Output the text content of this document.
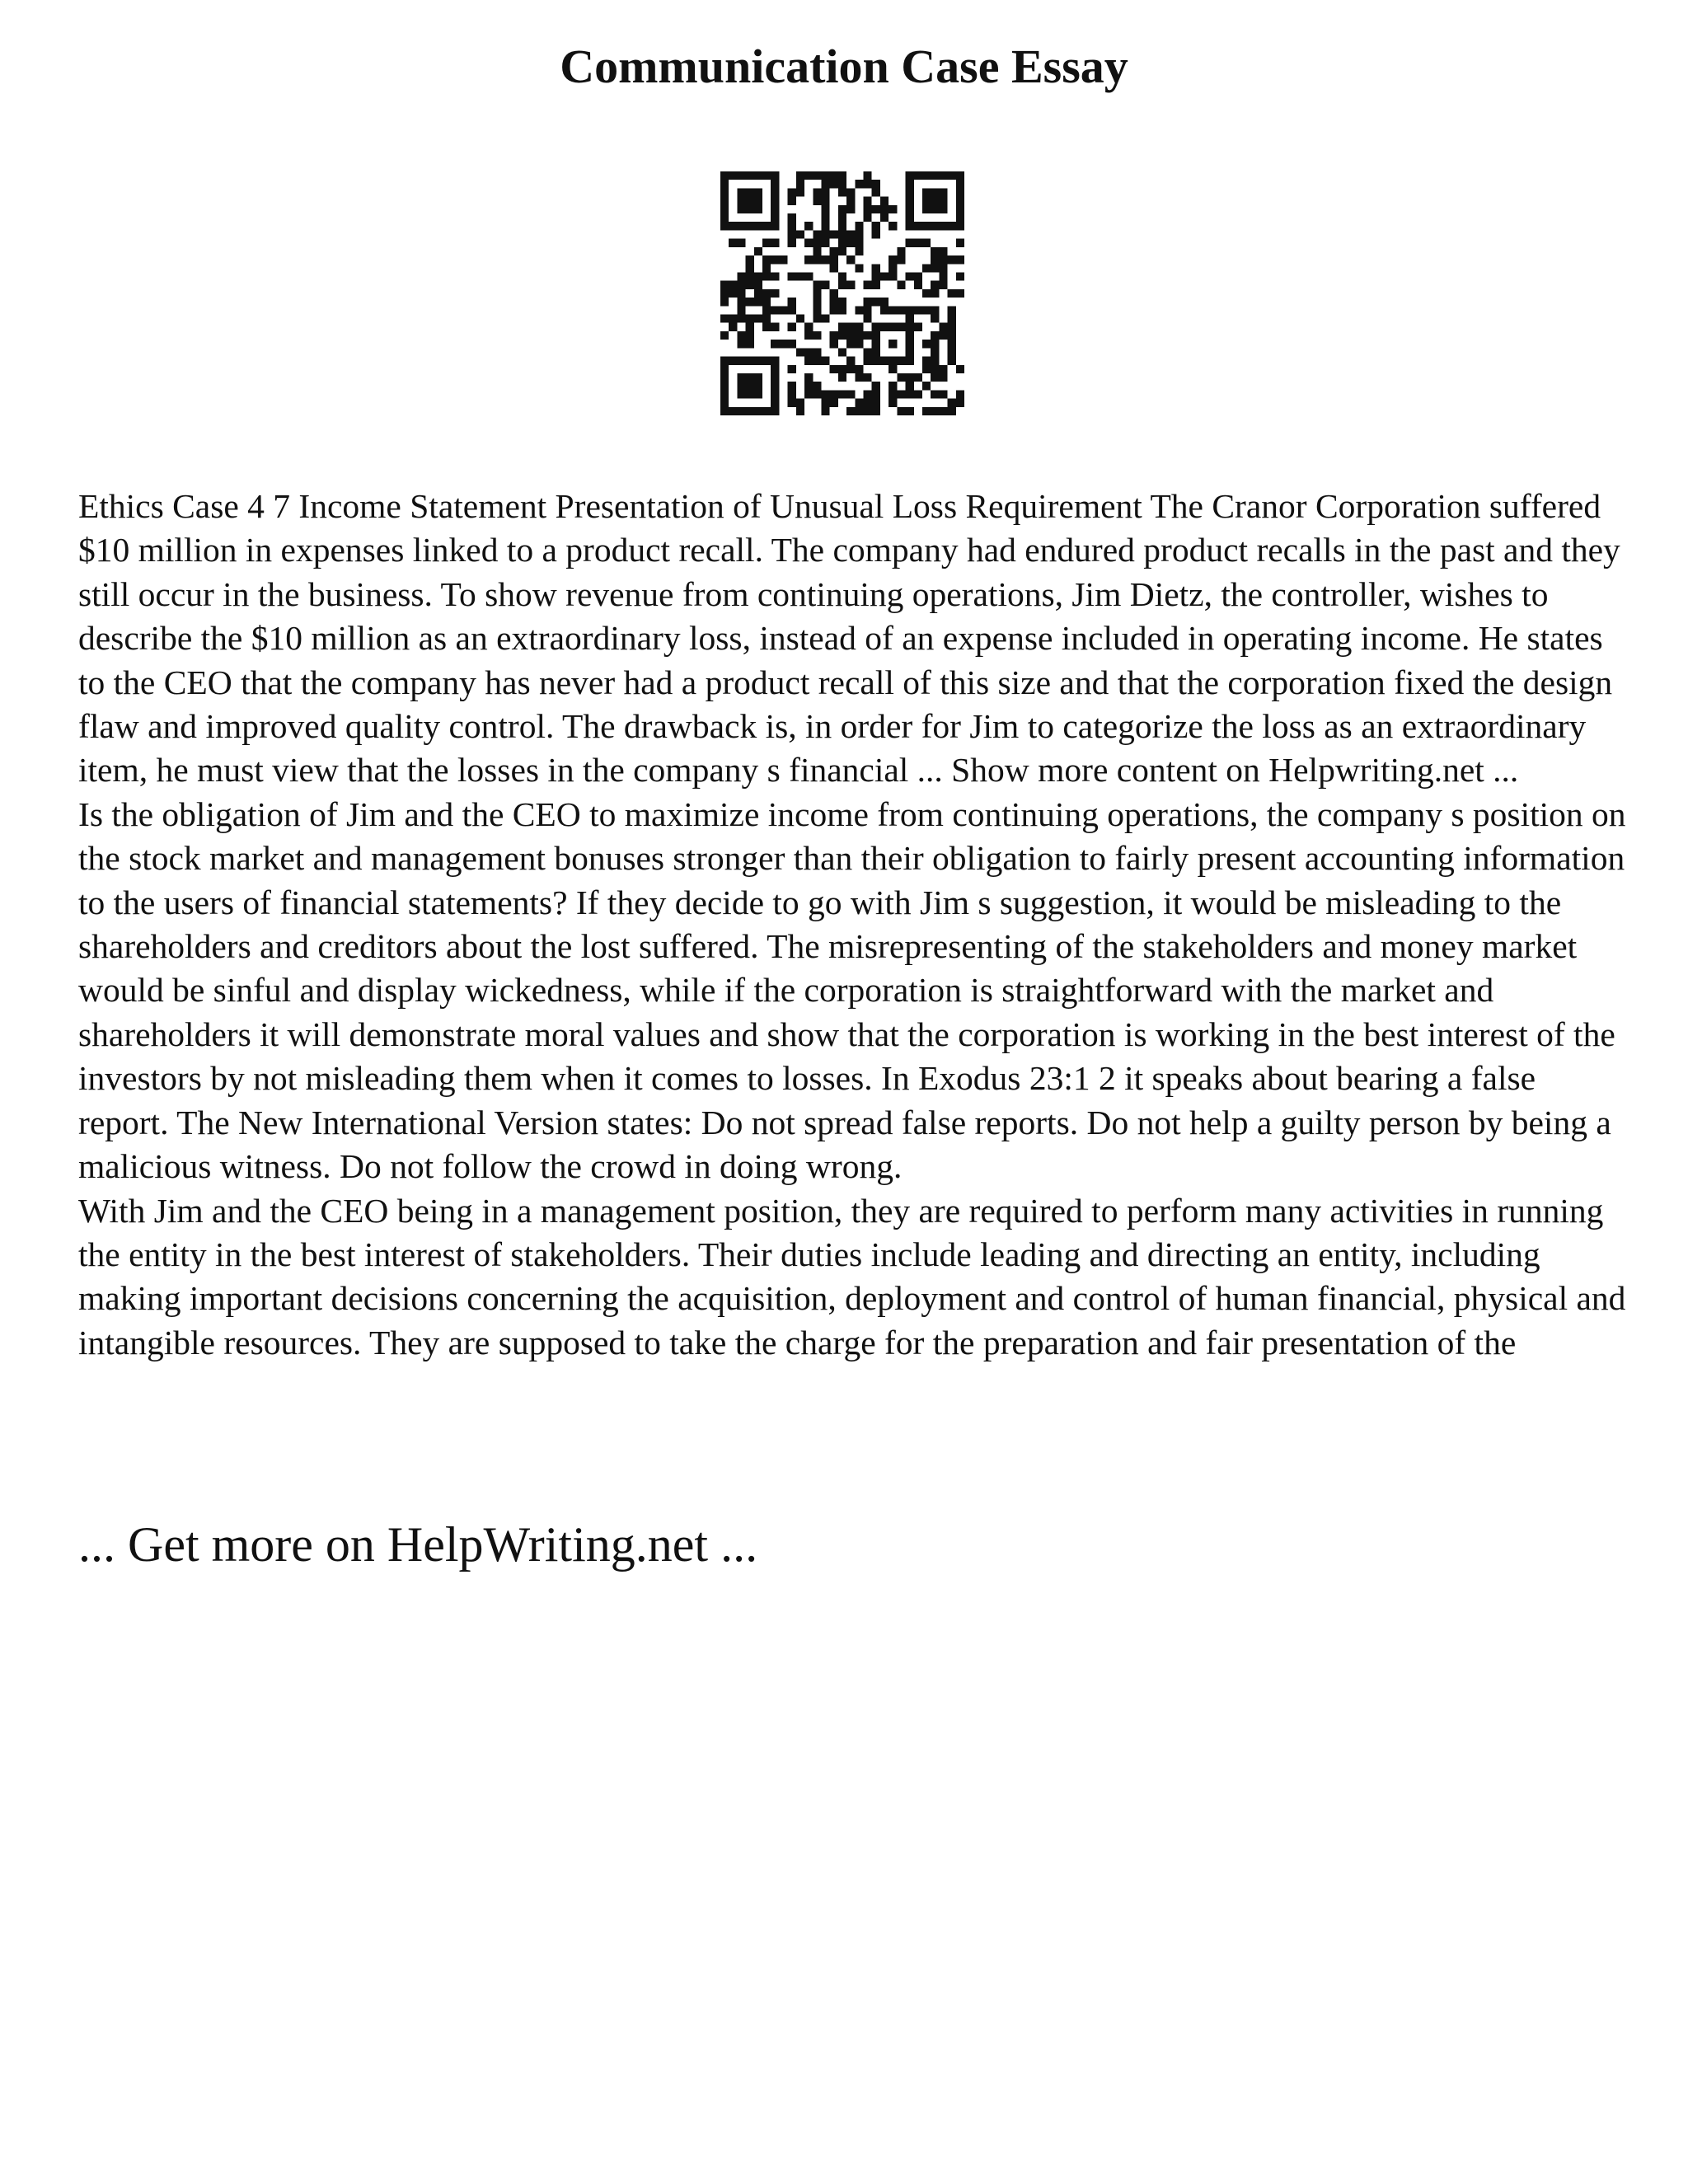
Communication Case Essay

Ethics Case 4 7 Income Statement Presentation of Unusual Loss Requirement The Cranor Corporation suffered $10 million in expenses linked to a product recall. The company had endured product recalls in the past and they still occur in the business. To show revenue from continuing operations, Jim Dietz, the controller, wishes to describe the $10 million as an extraordinary loss, instead of an expense included in operating income. He states to the CEO that the company has never had a product recall of this size and that the corporation fixed the design flaw and improved quality control. The drawback is, in order for Jim to categorize the loss as an extraordinary item, he must view that the losses in the company s financial ... Show more content on Helpwriting.net ...

Is the obligation of Jim and the CEO to maximize income from continuing operations, the company s position on the stock market and management bonuses stronger than their obligation to fairly present accounting information to the users of financial statements? If they decide to go with Jim s suggestion, it would be misleading to the shareholders and creditors about the lost suffered. The misrepresenting of the stakeholders and money market would be sinful and display wickedness, while if the corporation is straightforward with the market and shareholders it will demonstrate moral values and show that the corporation is working in the best interest of the investors by not misleading them when it comes to losses. In Exodus 23:1 2 it speaks about bearing a false report. The New International Version states: Do not spread false reports. Do not help a guilty person by being a malicious witness. Do not follow the crowd in doing wrong.

With Jim and the CEO being in a management position, they are required to perform many activities in running the entity in the best interest of stakeholders. Their duties include leading and directing an entity, including making important decisions concerning the acquisition, deployment and control of human financial, physical and intangible resources. They are supposed to take the charge for the preparation and fair presentation of the

... Get more on HelpWriting.net ...
